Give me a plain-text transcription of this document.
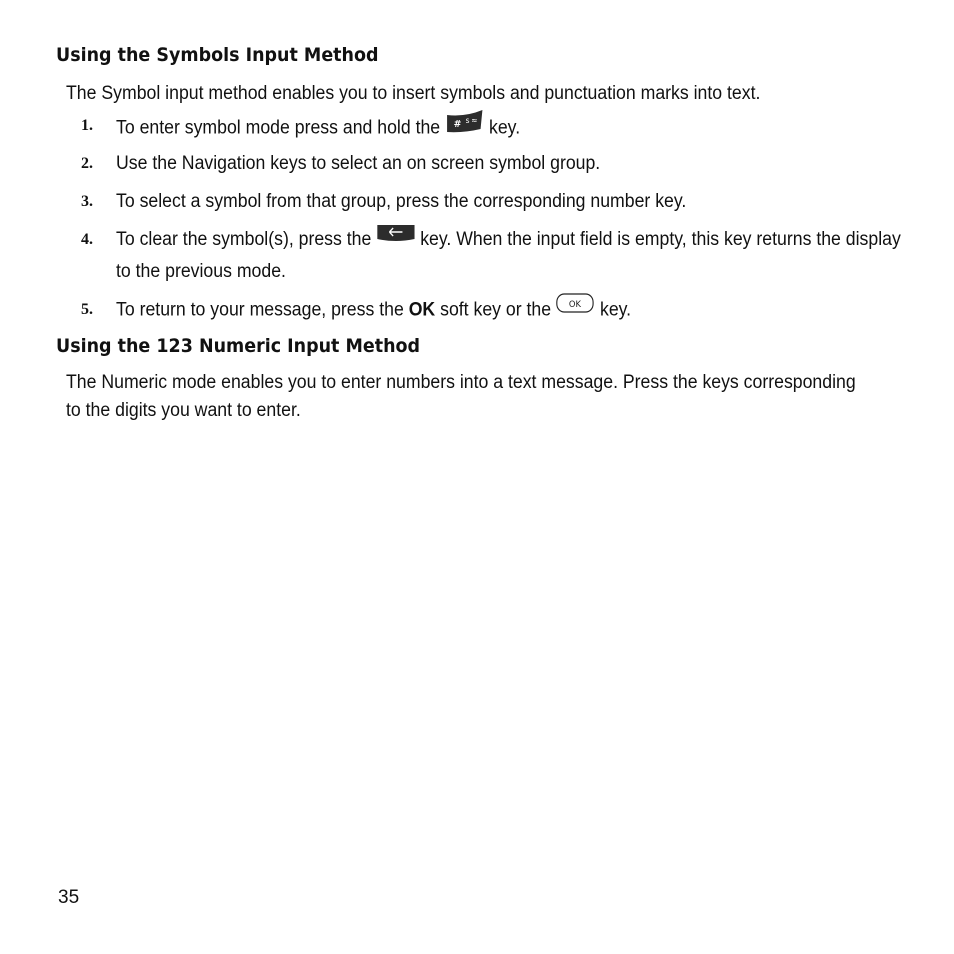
Using the Symbols Input Method

The Symbol input method enables you to insert symbols and punctuation marks into text.

1. To enter symbol mode press and hold the # ꜱ ≈ key.
2. Use the Navigation keys to select an on screen symbol group.
3. To select a symbol from that group, press the corresponding number key.
4. To clear the symbol(s), press the	key. When the input field is empty, this key returns the display to the previous mode.
5. To return to your message, press the OK soft key or the OK key.
Using the 123 Numeric Input Method

The Numeric mode enables you to enter numbers into a text message. Press the keys corresponding to the digits you want to enter.

35
